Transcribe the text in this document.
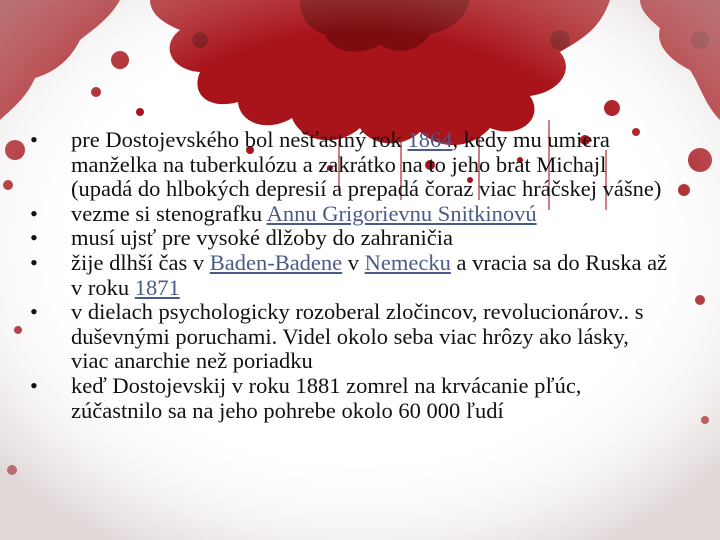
•	pre Dostojevského bol nešťastný rok 1864, kedy mu umiera manželka na tuberkulózu a zakrátko na to jeho brat Michajl (upadá do hlbokých depresií a prepadá čoraz viac hráčskej vášne)
•	vezme si stenografku Annu Grigorievnu Snitkinovú
•	musí ujsť pre vysoké dlžoby do zahraničia
•	žije dlhší čas v Baden-Badene v Nemecku a vracia sa do Ruska až v roku 1871
•	v dielach psychologicky rozoberal zločincov, revolucionárov.. s duševnými poruchami. Videl okolo seba viac hrôzy ako lásky, viac anarchie než poriadku
•	keď Dostojevskij v roku 1881 zomrel na krvácanie pľúc, zúčastnilo sa na jeho pohrebe okolo 60 000 ľudí
